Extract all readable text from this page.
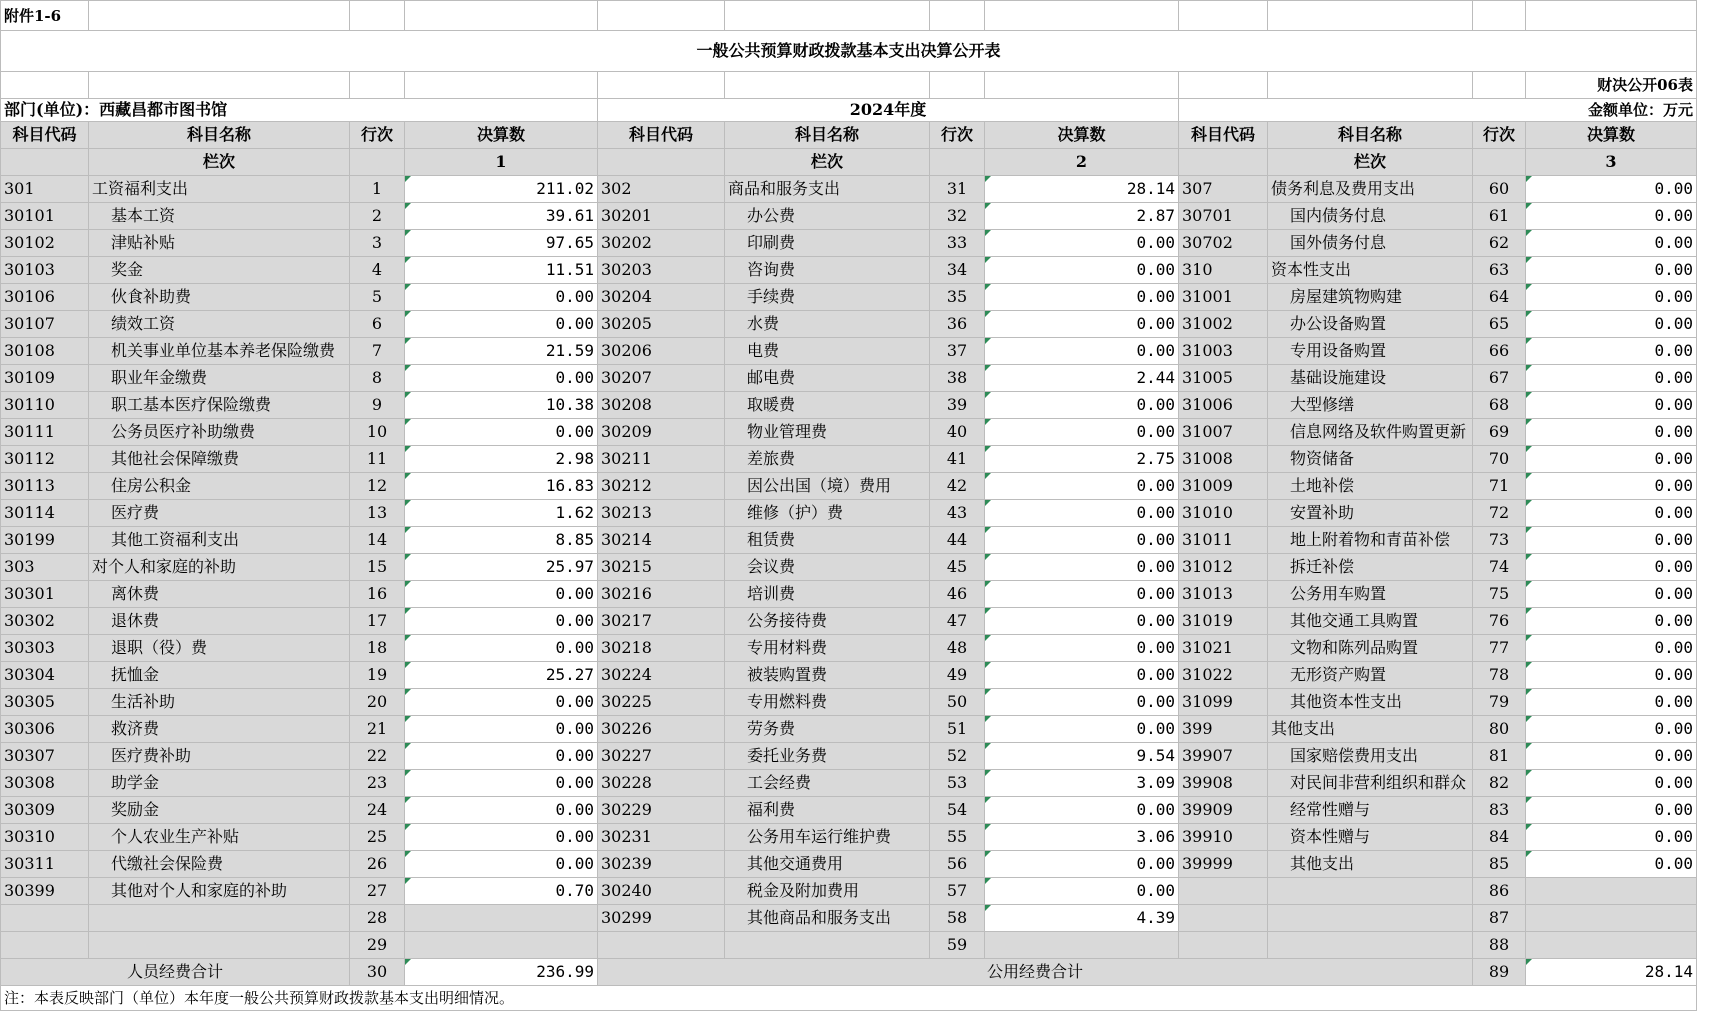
附件1-6											
一般公共预算财政拨款基本支出决算公开表											
											财决公开06表
部门(单位)：西藏昌都市图书馆				2024年度				金额单位：万元			
科目代码	科目名称	行次	决算数	科目代码	科目名称	行次	决算数	科目代码	科目名称	行次	决算数
	栏次		1		栏次		2		栏次		3
301	工资福利支出	1	211.02	302	商品和服务支出	31	28.14	307	债务利息及费用支出	60	0.00
30101	基本工资	2	39.61	30201	办公费	32	2.87	30701	国内债务付息	61	0.00
30102	津贴补贴	3	97.65	30202	印刷费	33	0.00	30702	国外债务付息	62	0.00
30103	奖金	4	11.51	30203	咨询费	34	0.00	310	资本性支出	63	0.00
30106	伙食补助费	5	0.00	30204	手续费	35	0.00	31001	房屋建筑物购建	64	0.00
30107	绩效工资	6	0.00	30205	水费	36	0.00	31002	办公设备购置	65	0.00
30108	机关事业单位基本养老保险缴费	7	21.59	30206	电费	37	0.00	31003	专用设备购置	66	0.00
30109	职业年金缴费	8	0.00	30207	邮电费	38	2.44	31005	基础设施建设	67	0.00
30110	职工基本医疗保险缴费	9	10.38	30208	取暖费	39	0.00	31006	大型修缮	68	0.00
30111	公务员医疗补助缴费	10	0.00	30209	物业管理费	40	0.00	31007	信息网络及软件购置更新	69	0.00
30112	其他社会保障缴费	11	2.98	30211	差旅费	41	2.75	31008	物资储备	70	0.00
30113	住房公积金	12	16.83	30212	因公出国（境）费用	42	0.00	31009	土地补偿	71	0.00
30114	医疗费	13	1.62	30213	维修（护）费	43	0.00	31010	安置补助	72	0.00
30199	其他工资福利支出	14	8.85	30214	租赁费	44	0.00	31011	地上附着物和青苗补偿	73	0.00
303	对个人和家庭的补助	15	25.97	30215	会议费	45	0.00	31012	拆迁补偿	74	0.00
30301	离休费	16	0.00	30216	培训费	46	0.00	31013	公务用车购置	75	0.00
30302	退休费	17	0.00	30217	公务接待费	47	0.00	31019	其他交通工具购置	76	0.00
30303	退职（役）费	18	0.00	30218	专用材料费	48	0.00	31021	文物和陈列品购置	77	0.00
30304	抚恤金	19	25.27	30224	被装购置费	49	0.00	31022	无形资产购置	78	0.00
30305	生活补助	20	0.00	30225	专用燃料费	50	0.00	31099	其他资本性支出	79	0.00
30306	救济费	21	0.00	30226	劳务费	51	0.00	399	其他支出	80	0.00
30307	医疗费补助	22	0.00	30227	委托业务费	52	9.54	39907	国家赔偿费用支出	81	0.00
30308	助学金	23	0.00	30228	工会经费	53	3.09	39908	对民间非营利组织和群众	82	0.00
30309	奖励金	24	0.00	30229	福利费	54	0.00	39909	经常性赠与	83	0.00
30310	个人农业生产补贴	25	0.00	30231	公务用车运行维护费	55	3.06	39910	资本性赠与	84	0.00
30311	代缴社会保险费	26	0.00	30239	其他交通费用	56	0.00	39999	其他支出	85	0.00
30399	其他对个人和家庭的补助	27	0.70	30240	税金及附加费用	57	0.00			86	
		28		30299	其他商品和服务支出	58	4.39			87	
		29				59				88	
人员经费合计		30	236.99	公用经费合计						89	28.14
注：本表反映部门（单位）本年度一般公共预算财政拨款基本支出明细情况。											
